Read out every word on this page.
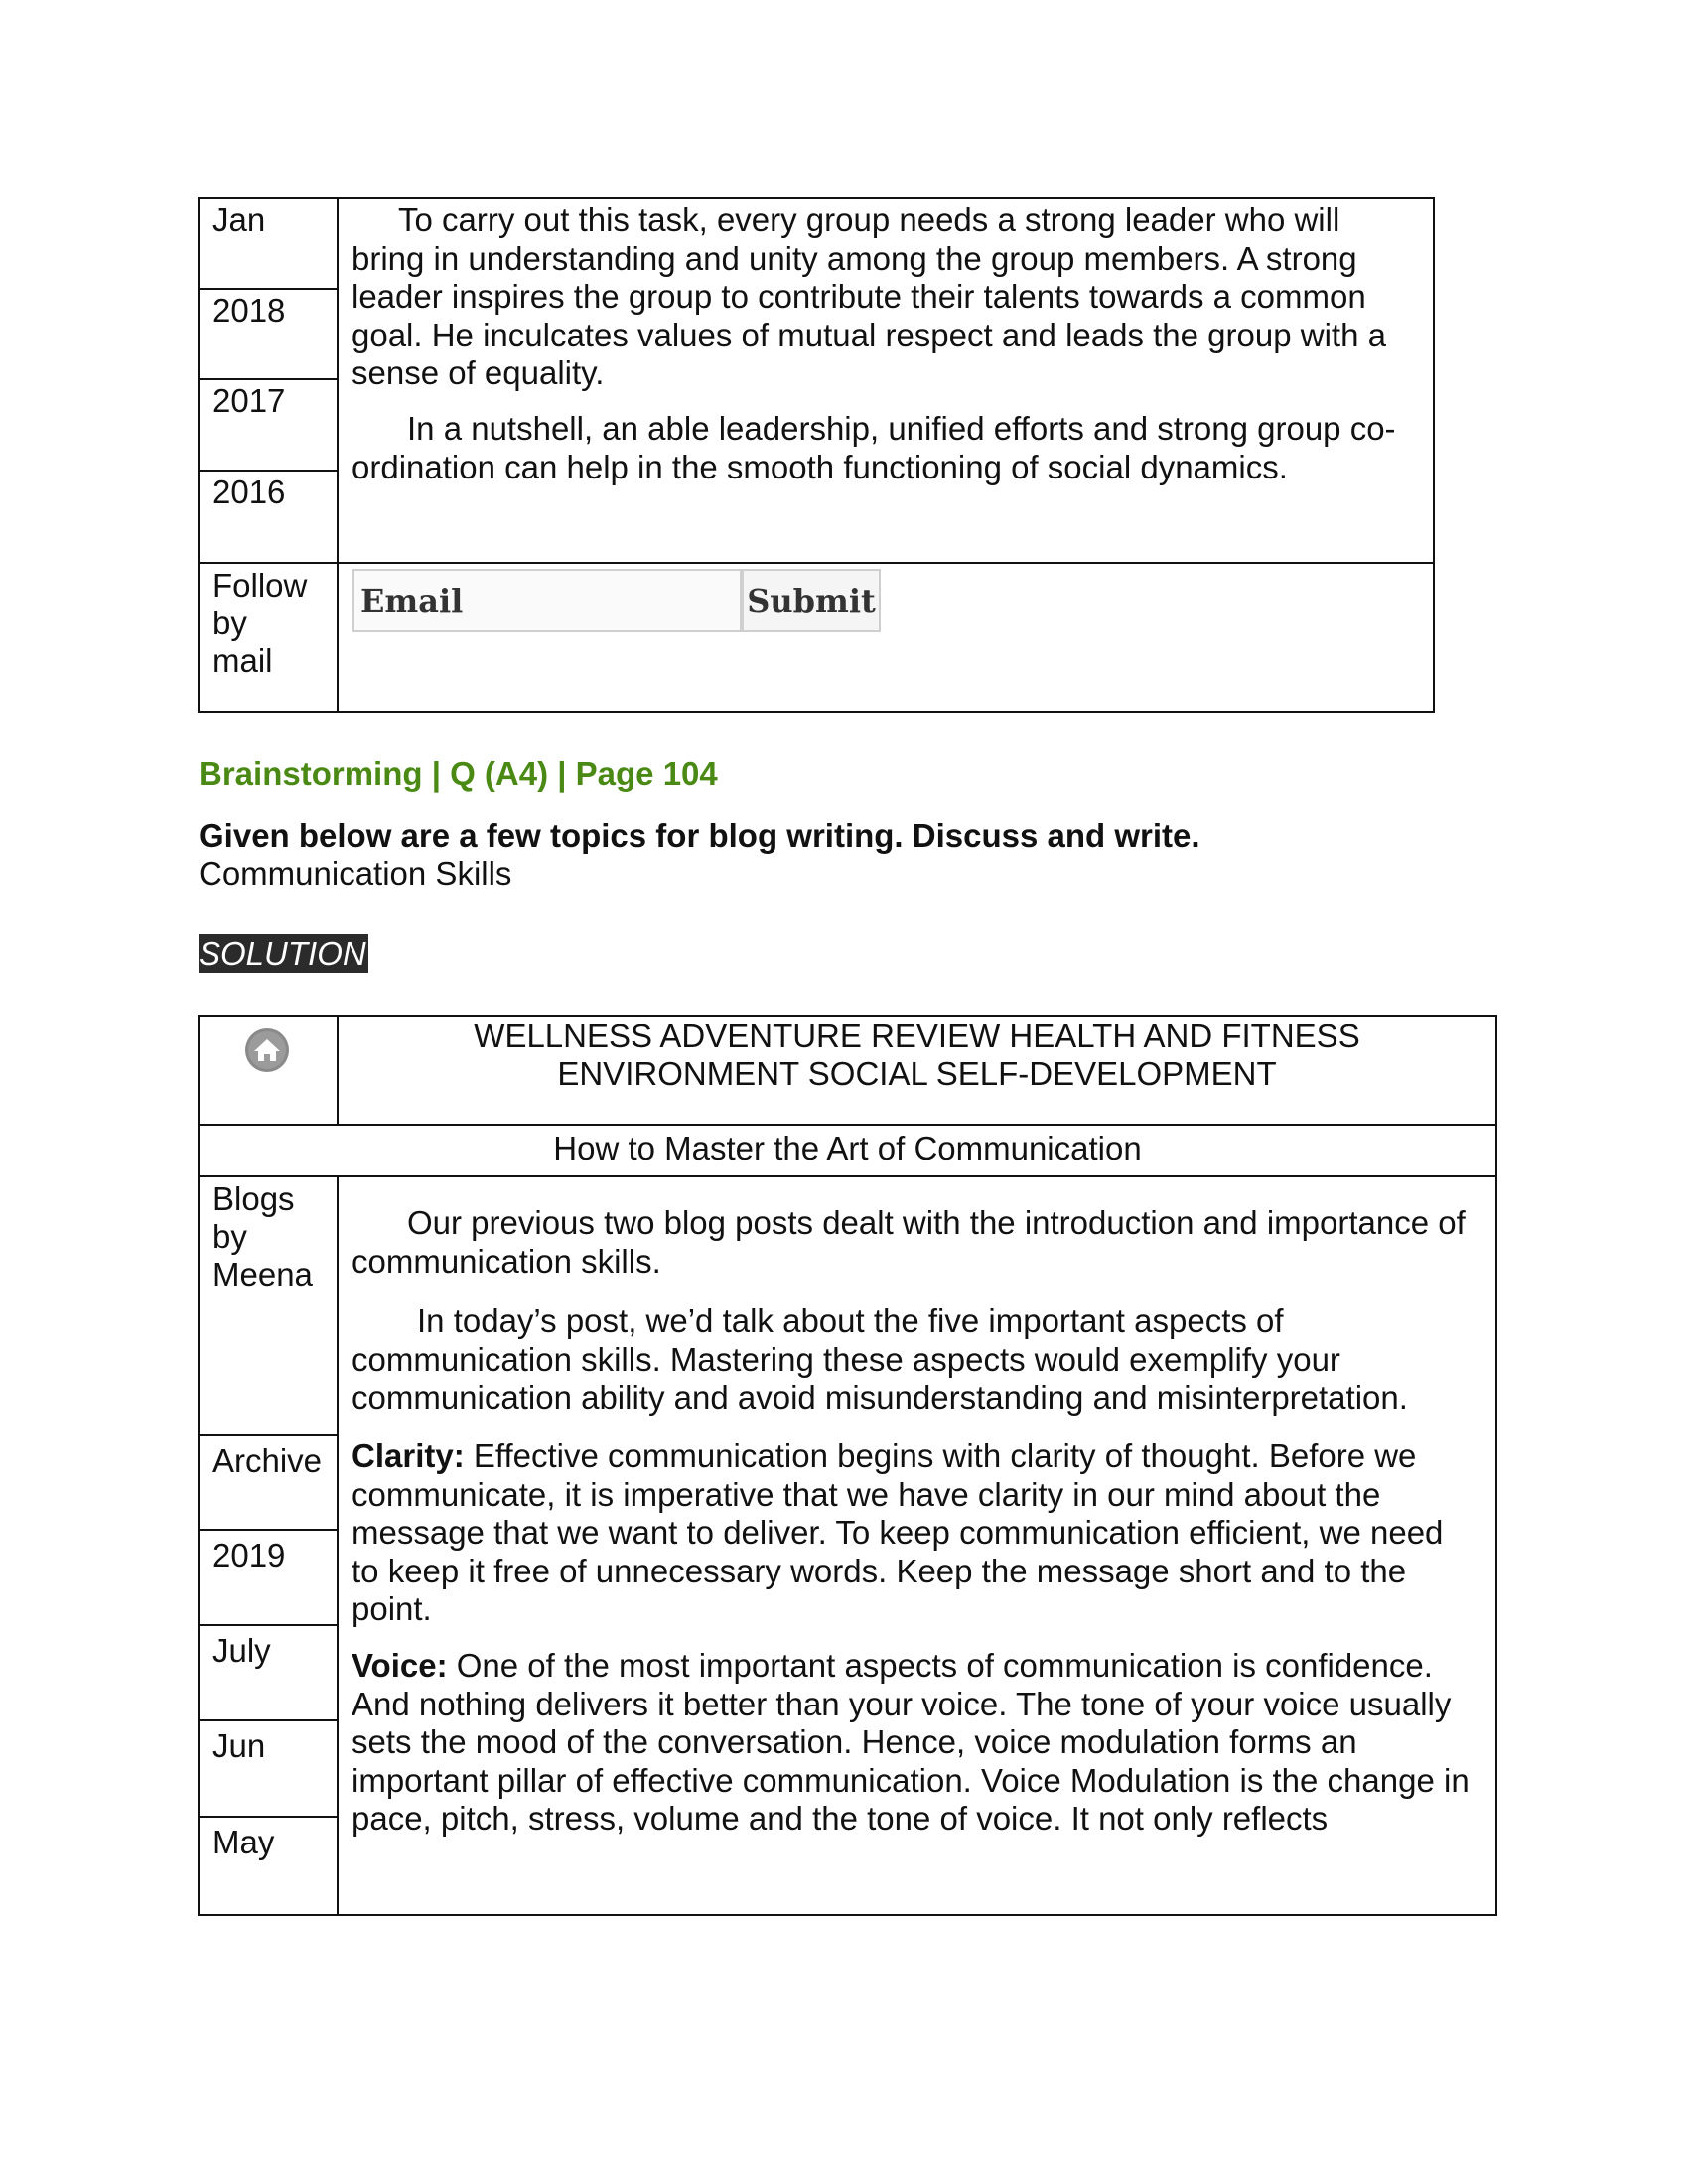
Jan
2018
2017
2016
To carry out this task, every group needs a strong leader who will
bring in understanding and unity among the group members. A strong
leader inspires the group to contribute their talents towards a common
goal. He inculcates values of mutual respect and leads the group with a
sense of equality.
In a nutshell, an able leadership, unified efforts and strong group co-
ordination can help in the smooth functioning of social dynamics.
Follow
by
mail
Email	Submit
Brainstorming | Q (A4) | Page 104
Given below are a few topics for blog writing. Discuss and write.
Communication Skills
SOLUTION
WELLNESS ADVENTURE REVIEW HEALTH AND FITNESS
ENVIRONMENT SOCIAL SELF-DEVELOPMENT
How to Master the Art of Communication
Blogs
by
Meena
Archive
2019
July
Jun
May
Our previous two blog posts dealt with the introduction and importance of
communication skills.
In today’s post, we’d talk about the five important aspects of
communication skills. Mastering these aspects would exemplify your
communication ability and avoid misunderstanding and misinterpretation.
Clarity: Effective communication begins with clarity of thought. Before we
communicate, it is imperative that we have clarity in our mind about the
message that we want to deliver. To keep communication efficient, we need
to keep it free of unnecessary words. Keep the message short and to the
point.
Voice: One of the most important aspects of communication is confidence.
And nothing delivers it better than your voice. The tone of your voice usually
sets the mood of the conversation. Hence, voice modulation forms an
important pillar of effective communication. Voice Modulation is the change in
pace, pitch, stress, volume and the tone of voice. It not only reflects
